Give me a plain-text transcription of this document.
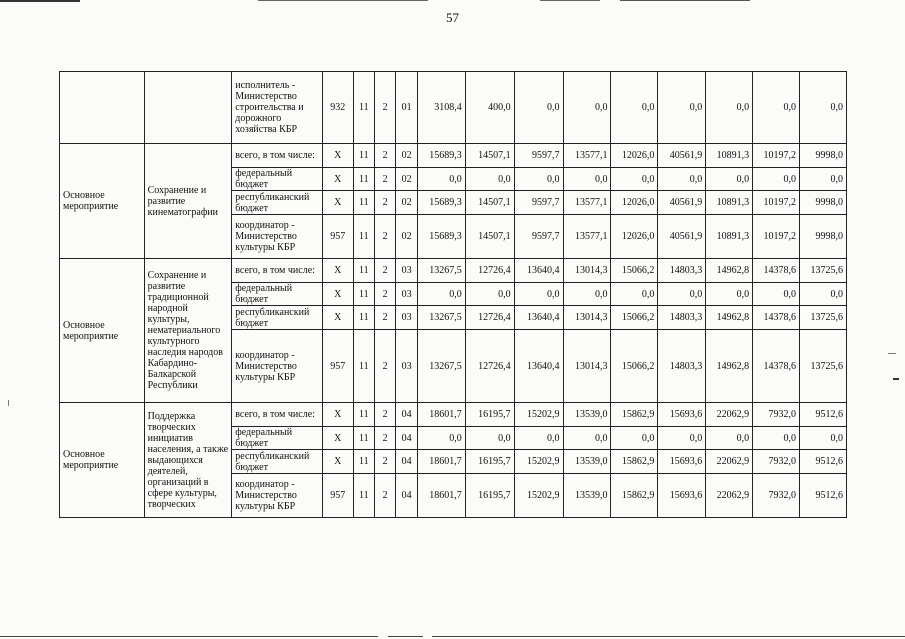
57
		исполнитель - Министерство строительства и дорожного хозяйства КБР	932	11	2	01	3108,4	400,0	0,0	0,0	0,0	0,0	0,0	0,0	0,0
Основное мероприятие	Сохранение и развитие кинематографии	всего, в том числе:	X	11	2	02	15689,3	14507,1	9597,7	13577,1	12026,0	40561,9	10891,3	10197,2	9998,0
		федеральный бюджет	X	11	2	02	0,0	0,0	0,0	0,0	0,0	0,0	0,0	0,0	0,0
		республиканский бюджет	X	11	2	02	15689,3	14507,1	9597,7	13577,1	12026,0	40561,9	10891,3	10197,2	9998,0
		координатор - Министерство культуры КБР	957	11	2	02	15689,3	14507,1	9597,7	13577,1	12026,0	40561,9	10891,3	10197,2	9998,0
Основное мероприятие	Сохранение и развитие традиционной народной культуры, нематериального культурного наследия народов Кабардино-Балкарской Республики	всего, в том числе:	X	11	2	03	13267,5	12726,4	13640,4	13014,3	15066,2	14803,3	14962,8	14378,6	13725,6
		федеральный бюджет	X	11	2	03	0,0	0,0	0,0	0,0	0,0	0,0	0,0	0,0	0,0
		республиканский бюджет	X	11	2	03	13267,5	12726,4	13640,4	13014,3	15066,2	14803,3	14962,8	14378,6	13725,6
		координатор - Министерство культуры КБР	957	11	2	03	13267,5	12726,4	13640,4	13014,3	15066,2	14803,3	14962,8	14378,6	13725,6
Основное мероприятие	Поддержка творческих инициатив населения, а также выдающихся деятелей, организаций в сфере культуры, творческих	всего, в том числе:	X	11	2	04	18601,7	16195,7	15202,9	13539,0	15862,9	15693,6	22062,9	7932,0	9512,6
		федеральный бюджет	X	11	2	04	0,0	0,0	0,0	0,0	0,0	0,0	0,0	0,0	0,0
		республиканский бюджет	X	11	2	04	18601,7	16195,7	15202,9	13539,0	15862,9	15693,6	22062,9	7932,0	9512,6
		координатор - Министерство культуры КБР	957	11	2	04	18601,7	16195,7	15202,9	13539,0	15862,9	15693,6	22062,9	7932,0	9512,6
